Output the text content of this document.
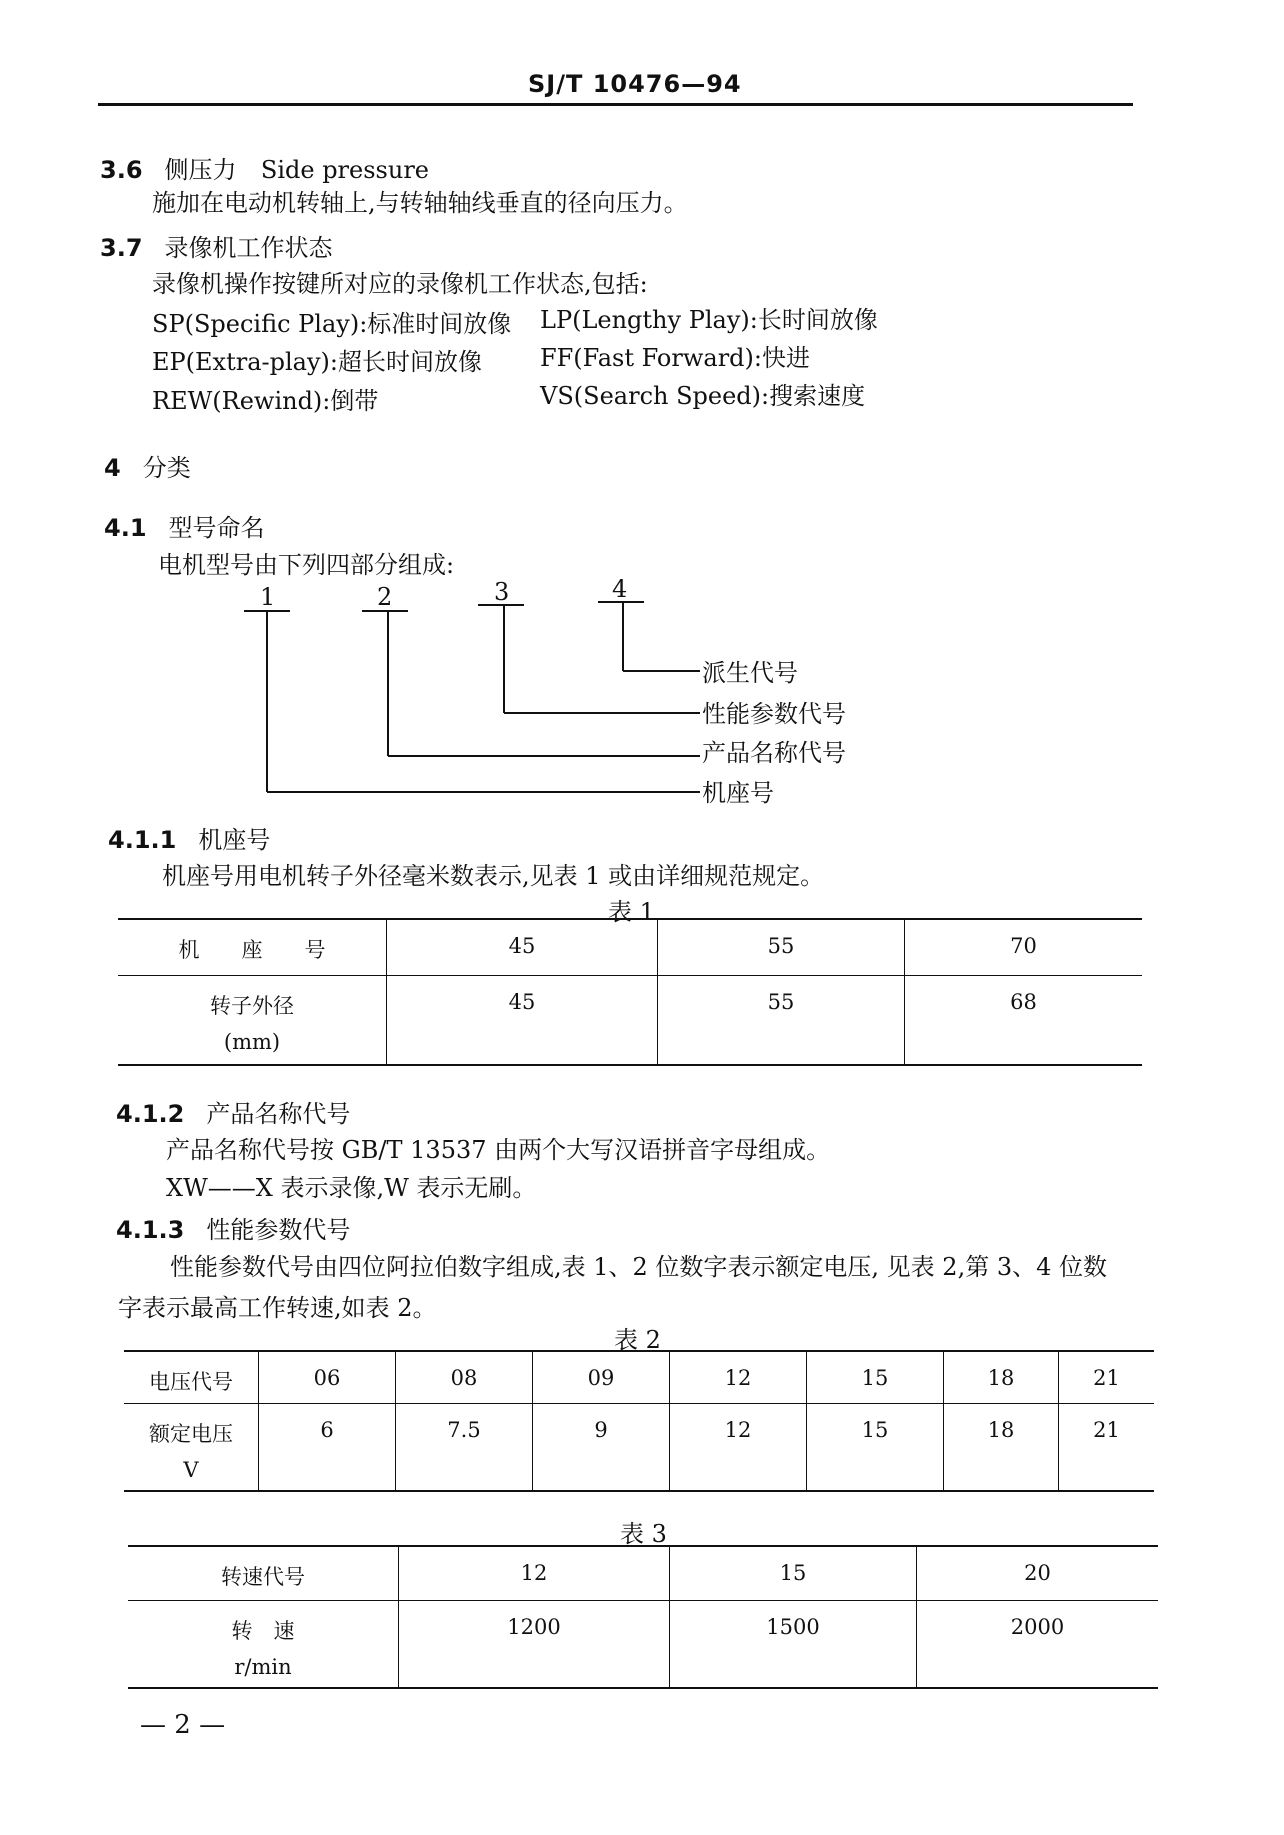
SJ/T 10476—94
3.6 侧压力 Side pressure
施加在电动机转轴上,与转轴轴线垂直的径向压力。
3.7 录像机工作状态
录像机操作按键所对应的录像机工作状态,包括:
SP(Specific Play):标准时间放像 LP(Lengthy Play):长时间放像
EP(Extra-play):超长时间放像 FF(Fast Forward):快进
REW(Rewind):倒带	VS(Search Speed):搜索速度
4 分类
4.1 型号命名
电机型号由下列四部分组成:
1	2	3	4
派生代号
性能参数代号
产品名称代号
机座号
4.1.1 机座号
机座号用电机转子外径毫米数表示,见表 1 或由详细规范规定。
表 1
机　　座　　号	45	55	70

转子外径
(mm)	45	55	68
4.1.2 产品名称代号
产品名称代号按 GB/T 13537 由两个大写汉语拼音字母组成。
XW——X 表示录像,W 表示无刷。
4.1.3 性能参数代号
性能参数代号由四位阿拉伯数字组成,表 1、2 位数字表示额定电压, 见表 2,第 3、4 位数
字表示最高工作转速,如表 2。
表 2
电压代号	06	08	09	12	15	18	21

额定电压
V	6	7.5	9	12	15	18	21
表 3
转速代号	12	15	20

转　速
r/min	1200	1500	2000
— 2 —
